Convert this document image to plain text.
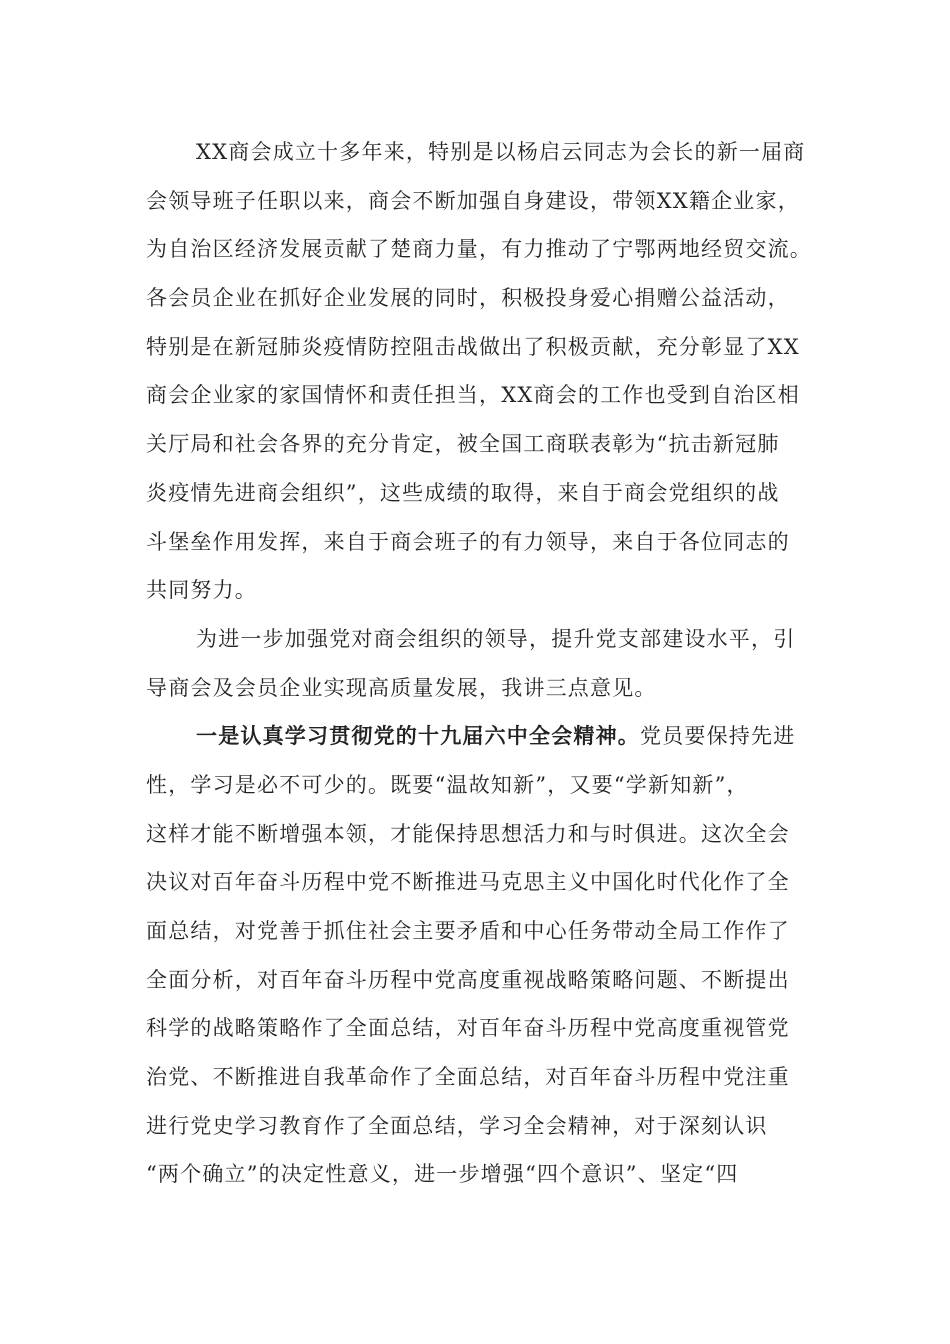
XX商会成立十多年来，特别是以杨启云同志为会长的新一届商
会领导班子任职以来，商会不断加强自身建设，带领XX籍企业家，
为自治区经济发展贡献了楚商力量，有力推动了宁鄂两地经贸交流。
各会员企业在抓好企业发展的同时，积极投身爱心捐赠公益活动，
特别是在新冠肺炎疫情防控阻击战做出了积极贡献，充分彰显了XX
商会企业家的家国情怀和责任担当，XX商会的工作也受到自治区相
关厅局和社会各界的充分肯定，被全国工商联表彰为“抗击新冠肺
炎疫情先进商会组织”，这些成绩的取得，来自于商会党组织的战
斗堡垒作用发挥，来自于商会班子的有力领导，来自于各位同志的
共同努力。
为进一步加强党对商会组织的领导，提升党支部建设水平，引
导商会及会员企业实现高质量发展，我讲三点意见。
一是认真学习贯彻党的十九届六中全会精神。党员要保持先进
性，学习是必不可少的。既要“温故知新”，又要“学新知新”，
这样才能不断增强本领，才能保持思想活力和与时俱进。这次全会
决议对百年奋斗历程中党不断推进马克思主义中国化时代化作了全
面总结，对党善于抓住社会主要矛盾和中心任务带动全局工作作了
全面分析，对百年奋斗历程中党高度重视战略策略问题、不断提出
科学的战略策略作了全面总结，对百年奋斗历程中党高度重视管党
治党、不断推进自我革命作了全面总结，对百年奋斗历程中党注重
进行党史学习教育作了全面总结，学习全会精神，对于深刻认识
“两个确立”的决定性意义，进一步增强“四个意识”、坚定“四
